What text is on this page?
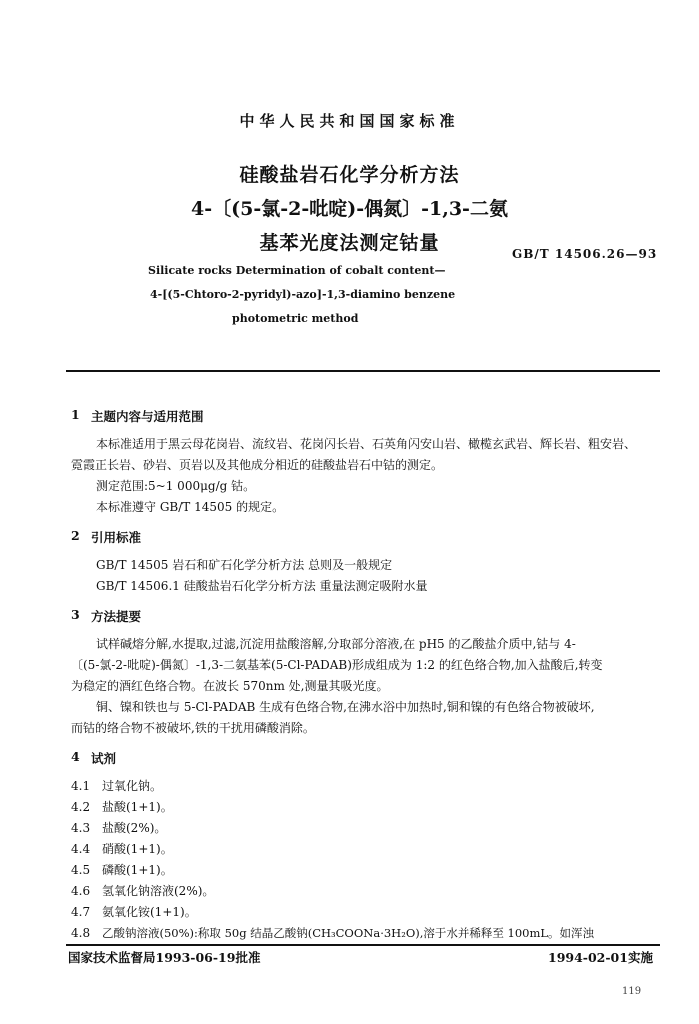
中华人民共和国国家标准
硅酸盐岩石化学分析方法
4-〔(5-氯-2-吡啶)-偶氮〕-1,3-二氨
基苯光度法测定钴量	GB/T 14506.26—93
Silicate rocks Determination of cobalt content—
4-[(5-Chtoro-2-pyridyl)-azo]-1,3-diamino benzene
photometric method
1 主题内容与适用范围
本标准适用于黑云母花岗岩、流纹岩、花岗闪长岩、石英角闪安山岩、橄榄玄武岩、辉长岩、粗安岩、
霓霞正长岩、砂岩、页岩以及其他成分相近的硅酸盐岩石中钴的测定。
测定范围:5~1 000μg/g 钴。
本标准遵守 GB/T 14505 的规定。
2 引用标准
GB/T 14505 岩石和矿石化学分析方法 总则及一般规定
GB/T 14506.1 硅酸盐岩石化学分析方法 重量法测定吸附水量
3 方法提要
试样碱熔分解,水提取,过滤,沉淀用盐酸溶解,分取部分溶液,在 pH5 的乙酸盐介质中,钴与 4-
〔(5-氯-2-吡啶)-偶氮〕-1,3-二氨基苯(5-Cl-PADAB)形成组成为 1:2 的红色络合物,加入盐酸后,转变
为稳定的酒红色络合物。在波长 570nm 处,测量其吸光度。
铜、镍和铁也与 5-Cl-PADAB 生成有色络合物,在沸水浴中加热时,铜和镍的有色络合物被破坏,
而钴的络合物不被破坏,铁的干扰用磷酸消除。
4 试剂
4.1 过氧化钠。
4.2 盐酸(1+1)。
4.3 盐酸(2%)。
4.4 硝酸(1+1)。
4.5 磷酸(1+1)。
4.6 氢氧化钠溶液(2%)。
4.7 氨氧化铵(1+1)。
4.8 乙酸钠溶液(50%):称取 50g 结晶乙酸钠(CH₃COONa·3H₂O),溶于水并稀释至 100mL。如浑浊
国家技术监督局1993-06-19批准	1994-02-01实施
119
